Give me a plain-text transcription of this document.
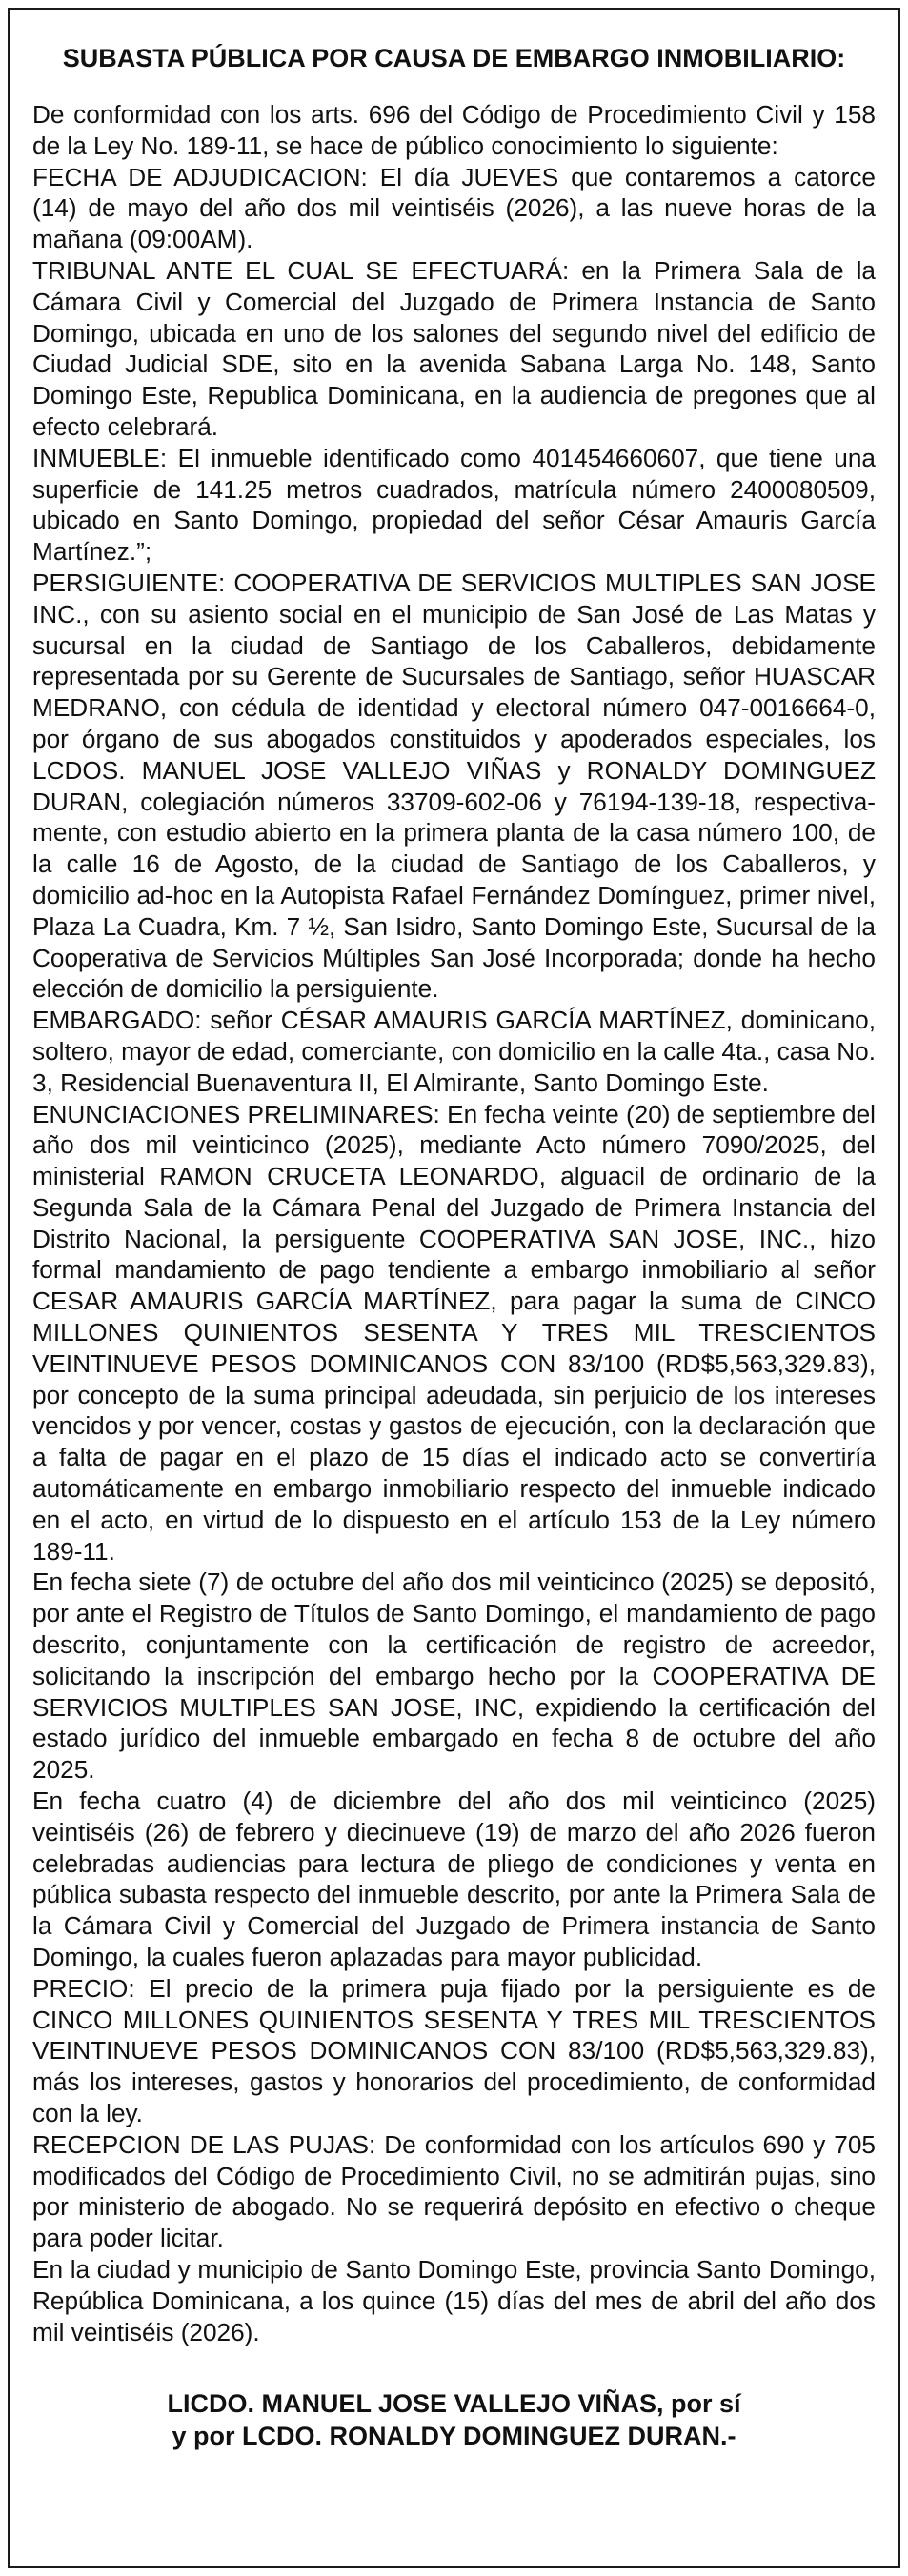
SUBASTA PÚBLICA POR CAUSA DE EMBARGO INMOBILIARIO:

De conformidad con los arts. 696 del Código de Procedimiento Civil y 158 de la Ley No. 189-11, se hace de público conocimiento lo siguiente:

FECHA DE ADJUDICACION: El día JUEVES que contaremos a catorce (14) de mayo del año dos mil veintiséis (2026), a las nueve horas de la mañana (09:00AM).

TRIBUNAL ANTE EL CUAL SE EFECTUARÁ: en la Primera Sala de la Cámara Civil y Comercial del Juzgado de Primera Instancia de Santo Domingo, ubicada en uno de los salones del segundo nivel del edificio de Ciudad Judicial SDE, sito en la avenida Sabana Larga No. 148, Santo Domingo Este, Republica Dominicana, en la audiencia de pregones que al efecto celebrará.

INMUEBLE: El inmueble identificado como 401454660607, que tiene una superficie de 141.25 metros cuadrados, matrícula número 2400080509, ubicado en Santo Domingo, propiedad del señor César Amauris García Martínez.”;

PERSIGUIENTE: COOPERATIVA DE SERVICIOS MULTIPLES SAN JOSE INC., con su asiento social en el municipio de San José de Las Matas y sucursal en la ciudad de Santiago de los Caballeros, debidamente representada por su Gerente de Sucursales de Santiago, señor HUASCAR MEDRANO, con cédula de identidad y electoral número 047-0016664-0, por órgano de sus abogados constituidos y apoderados especiales, los LCDOS. MANUEL JOSE VALLEJO VIÑAS y RONALDY DOMINGUEZ DURAN, colegiación números 33709-602-06 y 76194-139-18, respectivamente, con estudio abierto en la primera planta de la casa número 100, de la calle 16 de Agosto, de la ciudad de Santiago de los Caballeros, y domicilio ad-hoc en la Autopista Rafael Fernández Domínguez, primer nivel, Plaza La Cuadra, Km. 7 ½, San Isidro, Santo Domingo Este, Sucursal de la Cooperativa de Servicios Múltiples San José Incorporada; donde ha hecho elección de domicilio la persiguiente.

EMBARGADO: señor CÉSAR AMAURIS GARCÍA MARTÍNEZ, dominicano, soltero, mayor de edad, comerciante, con domicilio en la calle 4ta., casa No. 3, Residencial Buenaventura II, El Almirante, Santo Domingo Este.

ENUNCIACIONES PRELIMINARES: En fecha veinte (20) de septiembre del año dos mil veinticinco (2025), mediante Acto número 7090/2025, del ministerial RAMON CRUCETA LEONARDO, alguacil de ordinario de la Segunda Sala de la Cámara Penal del Juzgado de Primera Instancia del Distrito Nacional, la persiguente COOPERATIVA SAN JOSE, INC., hizo formal mandamiento de pago tendiente a embargo inmobiliario al señor CESAR AMAURIS GARCÍA MARTÍNEZ, para pagar la suma de CINCO MILLONES QUINIENTOS SESENTA Y TRES MIL TRESCIENTOS VEINTINUEVE PESOS DOMINICANOS CON 83/100 (RD$5,563,329.83), por concepto de la suma principal adeudada, sin perjuicio de los intereses vencidos y por vencer, costas y gastos de ejecución, con la declaración que a falta de pagar en el plazo de 15 días el indicado acto se convertiría automáticamente en embargo inmobiliario respecto del inmueble indicado en el acto, en virtud de lo dispuesto en el artículo 153 de la Ley número 189-11.

En fecha siete (7) de octubre del año dos mil veinticinco (2025) se depositó, por ante el Registro de Títulos de Santo Domingo, el mandamiento de pago descrito, conjuntamente con la certificación de registro de acreedor, solicitando la inscripción del embargo hecho por la COOPERATIVA DE SERVICIOS MULTIPLES SAN JOSE, INC, expidiendo la certificación del estado jurídico del inmueble embargado en fecha 8 de octubre del año 2025.

En fecha cuatro (4) de diciembre del año dos mil veinticinco (2025) veintiséis (26) de febrero y diecinueve (19) de marzo del año 2026 fueron celebradas audiencias para lectura de pliego de condiciones y venta en pública subasta respecto del inmueble descrito, por ante la Primera Sala de la Cámara Civil y Comercial del Juzgado de Primera instancia de Santo Domingo, la cuales fueron aplazadas para mayor publicidad.

PRECIO: El precio de la primera puja fijado por la persiguiente es de CINCO MILLONES QUINIENTOS SESENTA Y TRES MIL TRESCIENTOS VEINTINUEVE PESOS DOMINICANOS CON 83/100 (RD$5,563,329.83), más los intereses, gastos y honorarios del procedimiento, de conformidad con la ley.

RECEPCION DE LAS PUJAS: De conformidad con los artículos 690 y 705 modificados del Código de Procedimiento Civil, no se admitirán pujas, sino por ministerio de abogado. No se requerirá depósito en efectivo o cheque para poder licitar.

En la ciudad y municipio de Santo Domingo Este, provincia Santo Domingo, República Dominicana, a los quince (15) días del mes de abril del año dos mil veintiséis (2026).

LICDO. MANUEL JOSE VALLEJO VIÑAS, por sí
y por LCDO. RONALDY DOMINGUEZ DURAN.-
